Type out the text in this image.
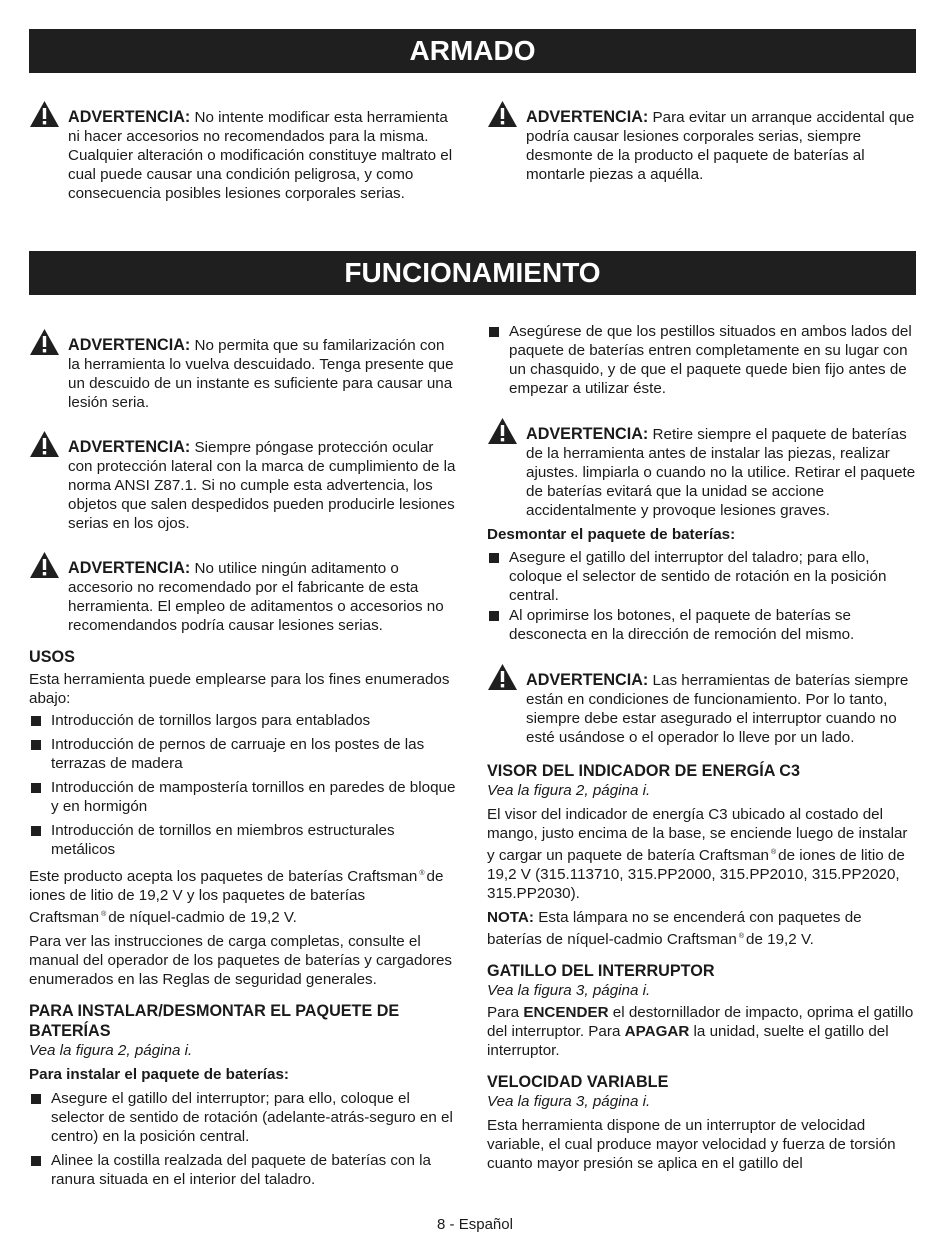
ARMADO
FUNCIONAMIENTO

ADVERTENCIA: No intente modificar esta herramienta ni hacer accesorios no recomendados para la misma. Cualquier alteración o modificación constituye maltrato el cual puede causar una condición peligrosa, y como consecuencia posibles lesiones corporales serias.

ADVERTENCIA: Para evitar un arranque accidental que podría causar lesiones corporales serias, siempre desmonte de la producto el paquete de baterías al montarle piezas a aquélla.

ADVERTENCIA: No permita que su familarización con la herramienta lo vuelva descuidado. Tenga presente que un descuido de un instante es suficiente para causar una lesión seria.

ADVERTENCIA: Siempre póngase protección ocular con protección lateral con la marca de cumplimiento de la norma ANSI Z87.1. Si no cumple esta advertencia, los objetos que salen despedidos pueden producirle lesiones serias en los ojos.

ADVERTENCIA: No utilice ningún aditamento o accesorio no recomendado por el fabricante de esta herramienta. El empleo de aditamentos o accesorios no recomendandos podría causar lesiones serias.

USOS

Esta herramienta puede emplearse para los fines enumerados abajo:

Introducción de tornillos largos para entablados
Introducción de pernos de carruaje en los postes de las terrazas de madera
Introducción de mampostería tornillos en paredes de bloque y en hormigón
Introducción de tornillos en miembros estructurales metálicos

Este producto acepta los paquetes de baterías Craftsman ® de iones de litio de 19,2 V y los paquetes de baterías Craftsman ® de níquel-cadmio de 19,2 V.

Para ver las instrucciones de carga completas, consulte el manual del operador de los paquetes de baterías y cargadores enumerados en las Reglas de seguridad generales.

PARA INSTALAR/DESMONTAR EL PAQUETE DE BATERÍAS

Vea la figura 2, página i.

Para instalar el paquete de baterías:

Asegure el gatillo del interruptor; para ello, coloque el selector de sentido de rotación (adelante-atrás-seguro en el centro) en la posición central.
Alinee la costilla realzada del paquete de baterías con la ranura situada en el interior del taladro.
Asegúrese de que los pestillos situados en ambos lados del paquete de baterías entren completamente en su lugar con un chasquido, y de que el paquete quede bien fijo antes de empezar a utilizar éste.

ADVERTENCIA: Retire siempre el paquete de baterías de la herramienta antes de instalar las piezas, realizar ajustes. limpiarla o cuando no la utilice. Retirar el paquete de baterías evitará que la unidad se accione accidentalmente y provoque lesiones graves.

Desmontar el paquete de baterías:

Asegure el gatillo del interruptor del taladro; para ello, coloque el selector de sentido de rotación en la posición central.
Al oprimirse los botones, el paquete de baterías se desconecta en la dirección de remoción del mismo.

ADVERTENCIA: Las herramientas de baterías siempre están en condiciones de funcionamiento. Por lo tanto, siempre debe estar asegurado el interruptor cuando no esté usándose o el operador lo lleve por un lado.

VISOR DEL INDICADOR DE ENERGÍA C3

Vea la figura 2, página i.

El visor del indicador de energía C3 ubicado al costado del mango, justo encima de la base, se enciende luego de instalar y cargar un paquete de batería Craftsman ® de iones de litio de 19,2 V (315.113710, 315.PP2000, 315.PP2010, 315.PP2020, 315.PP2030).

NOTA: Esta lámpara no se encenderá con paquetes de baterías de níquel-cadmio Craftsman ® de 19,2 V.

GATILLO DEL INTERRUPTOR

Vea la figura 3, página i.

Para ENCENDER el destornillador de impacto, oprima el gatillo del interruptor. Para APAGAR la unidad, suelte el gatillo del interruptor.

VELOCIDAD VARIABLE

Vea la figura 3, página i.

Esta herramienta dispone de un interruptor de velocidad variable, el cual produce mayor velocidad y fuerza de torsión cuanto mayor presión se aplica en el gatillo del

8 - Español
